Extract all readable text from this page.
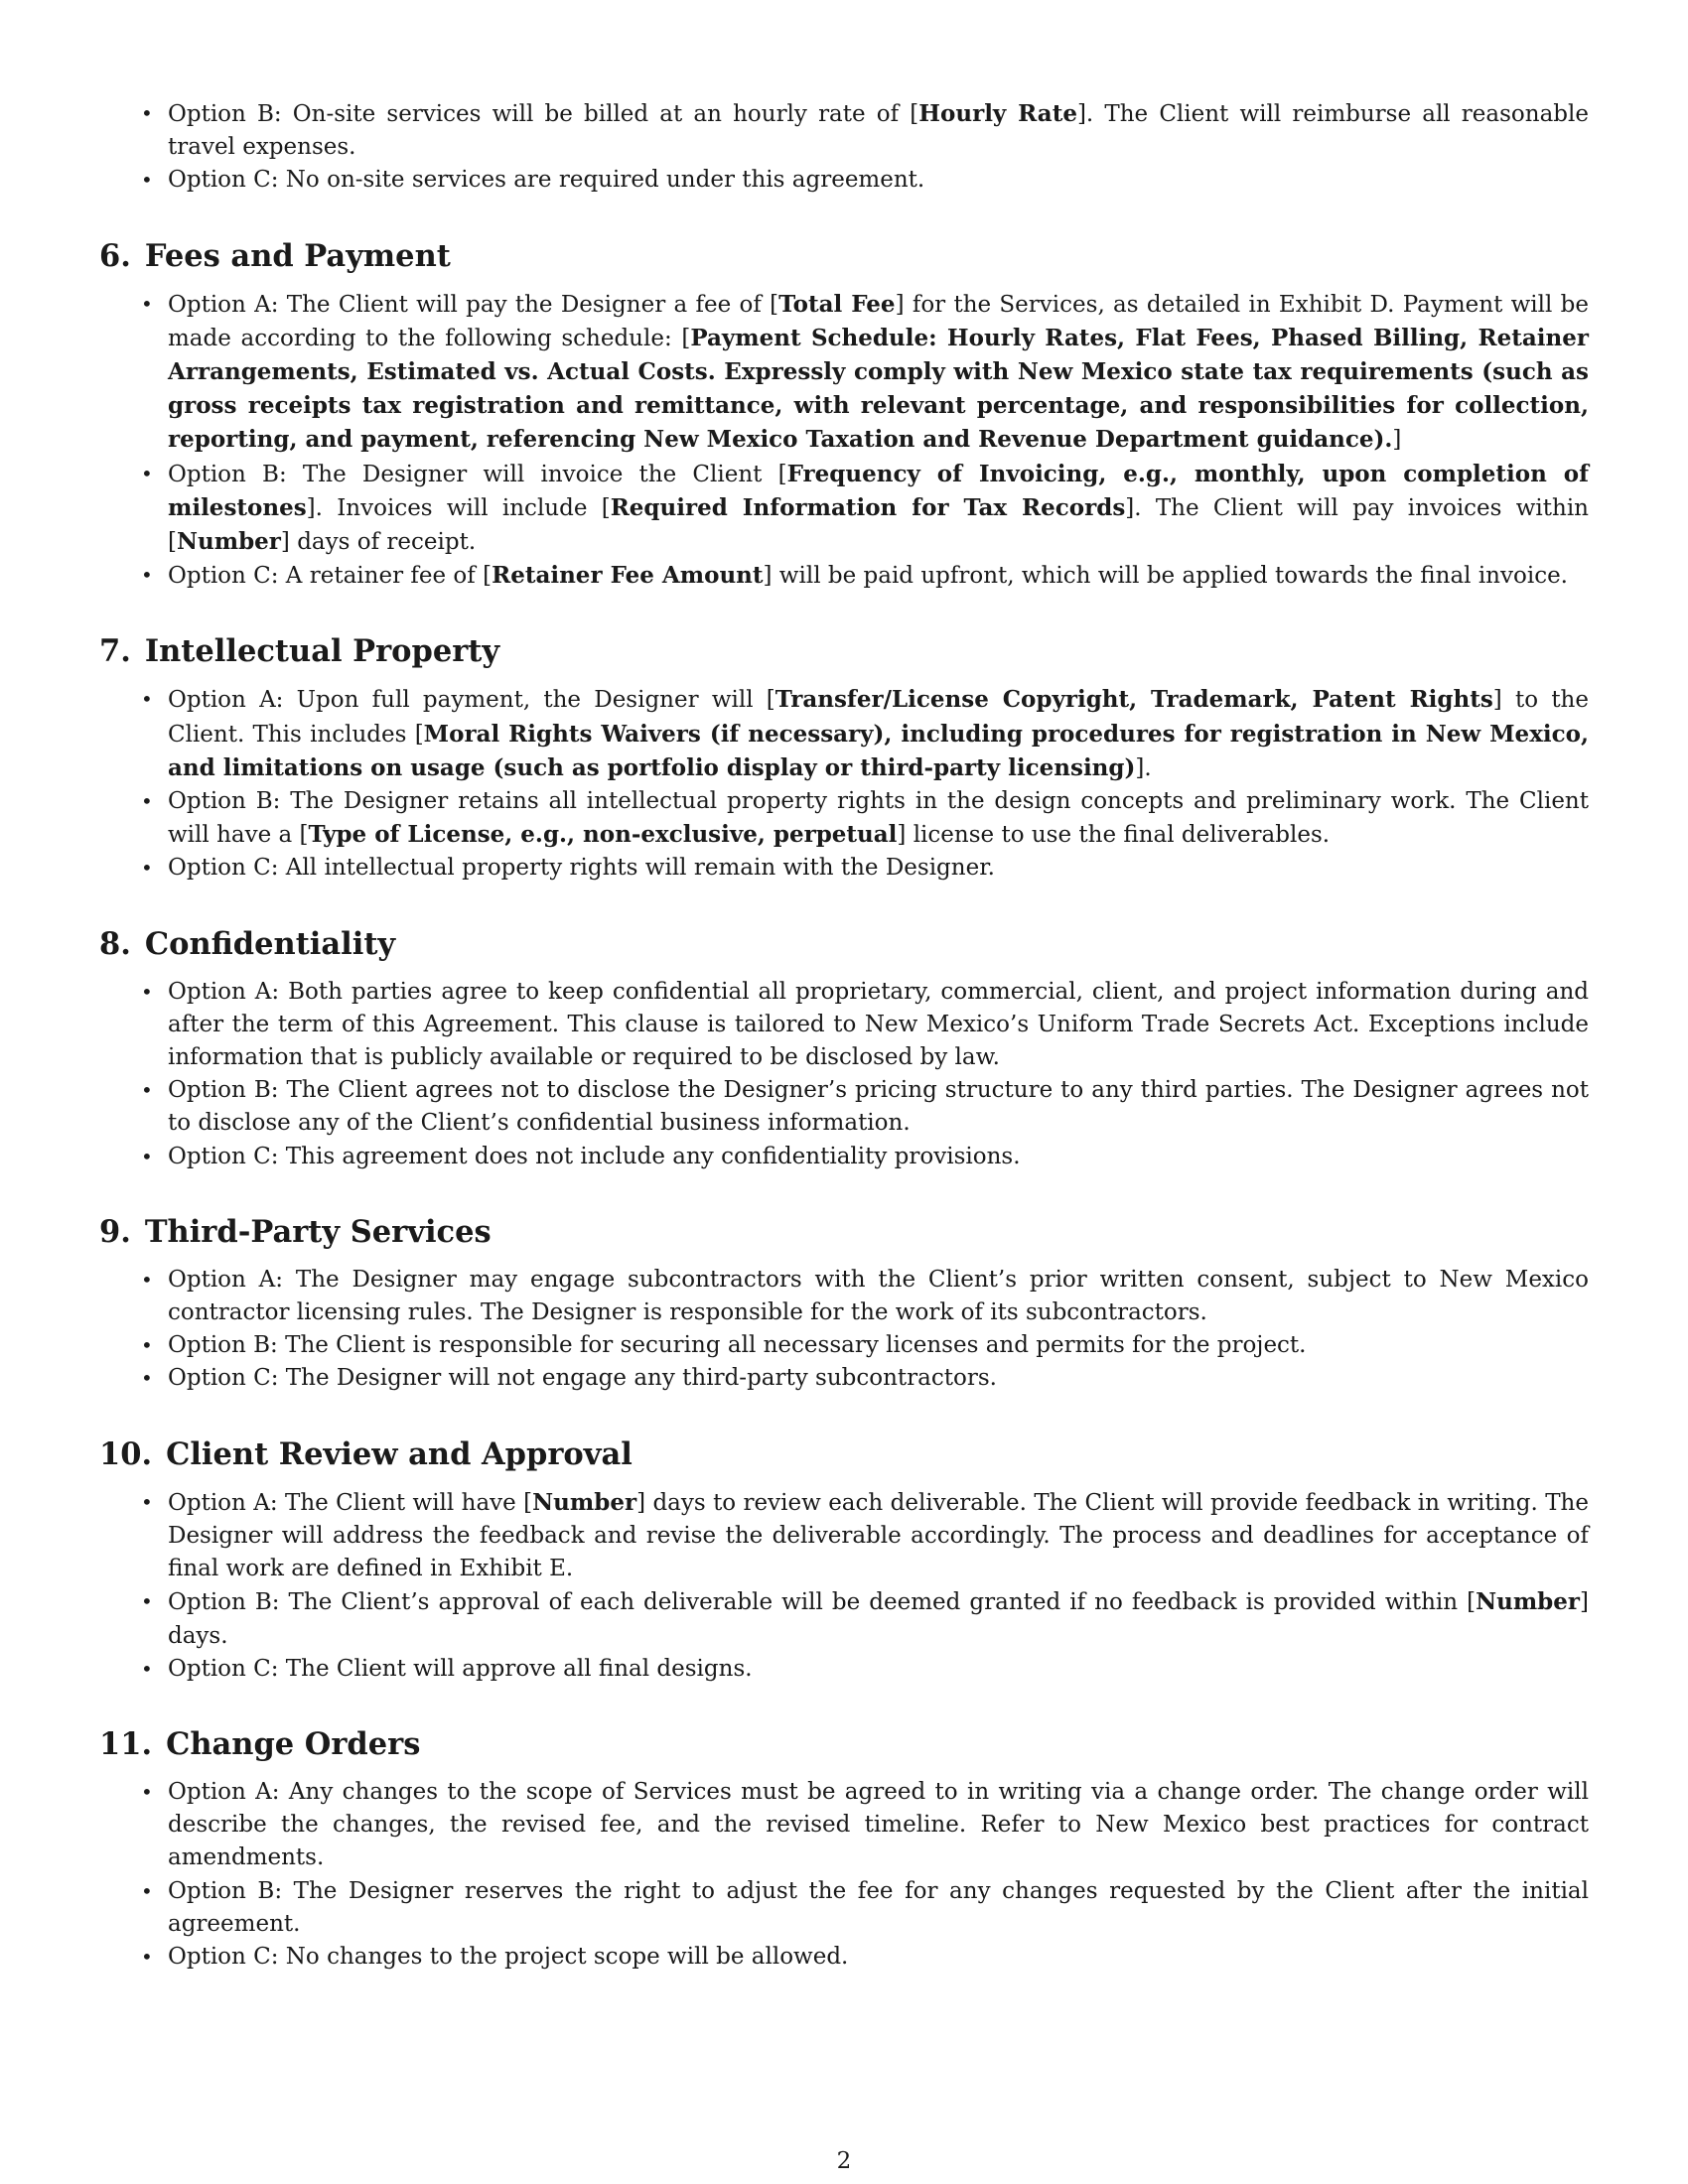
• Option B: On-site services will be billed at an hourly rate of [Hourly Rate]. The Client will reimburse all reasonable travel expenses.
• Option C: No on-site services are required under this agreement.
6. Fees and Payment
• Option A: The Client will pay the Designer a fee of [Total Fee] for the Services, as detailed in Exhibit D. Payment will be made according to the following schedule: [Payment Schedule: Hourly Rates, Flat Fees, Phased Billing, Retainer Arrangements, Estimated vs. Actual Costs. Expressly comply with New Mexico state tax requirements (such as gross receipts tax registration and remittance, with relevant percentage, and responsibilities for collection, reporting, and payment, referencing New Mexico Taxation and Revenue Department guidance).]
• Option B: The Designer will invoice the Client [Frequency of Invoicing, e.g., monthly, upon completion of milestones]. Invoices will include [Required Information for Tax Records]. The Client will pay invoices within [Number] days of receipt.
• Option C: A retainer fee of [Retainer Fee Amount] will be paid upfront, which will be applied towards the final invoice.
7. Intellectual Property
• Option A: Upon full payment, the Designer will [Transfer/License Copyright, Trademark, Patent Rights] to the Client. This includes [Moral Rights Waivers (if necessary), including procedures for registration in New Mexico, and limitations on usage (such as portfolio display or third-party licensing)].
• Option B: The Designer retains all intellectual property rights in the design concepts and preliminary work. The Client will have a [Type of License, e.g., non-exclusive, perpetual] license to use the final deliverables.
• Option C: All intellectual property rights will remain with the Designer.
8. Confidentiality
• Option A: Both parties agree to keep confidential all proprietary, commercial, client, and project information during and after the term of this Agreement. This clause is tailored to New Mexico’s Uniform Trade Secrets Act. Exceptions include information that is publicly available or required to be disclosed by law.
• Option B: The Client agrees not to disclose the Designer’s pricing structure to any third parties. The Designer agrees not to disclose any of the Client’s confidential business information.
• Option C: This agreement does not include any confidentiality provisions.
9. Third-Party Services
• Option A: The Designer may engage subcontractors with the Client’s prior written consent, subject to New Mexico contractor licensing rules. The Designer is responsible for the work of its subcontractors.
• Option B: The Client is responsible for securing all necessary licenses and permits for the project.
• Option C: The Designer will not engage any third-party subcontractors.
10. Client Review and Approval
• Option A: The Client will have [Number] days to review each deliverable. The Client will provide feedback in writing. The Designer will address the feedback and revise the deliverable accordingly. The process and deadlines for acceptance of final work are defined in Exhibit E.
• Option B: The Client’s approval of each deliverable will be deemed granted if no feedback is provided within [Number] days.
• Option C: The Client will approve all final designs.
11. Change Orders
• Option A: Any changes to the scope of Services must be agreed to in writing via a change order. The change order will describe the changes, the revised fee, and the revised timeline. Refer to New Mexico best practices for contract amendments.
• Option B: The Designer reserves the right to adjust the fee for any changes requested by the Client after the initial agreement.
• Option C: No changes to the project scope will be allowed.
2
